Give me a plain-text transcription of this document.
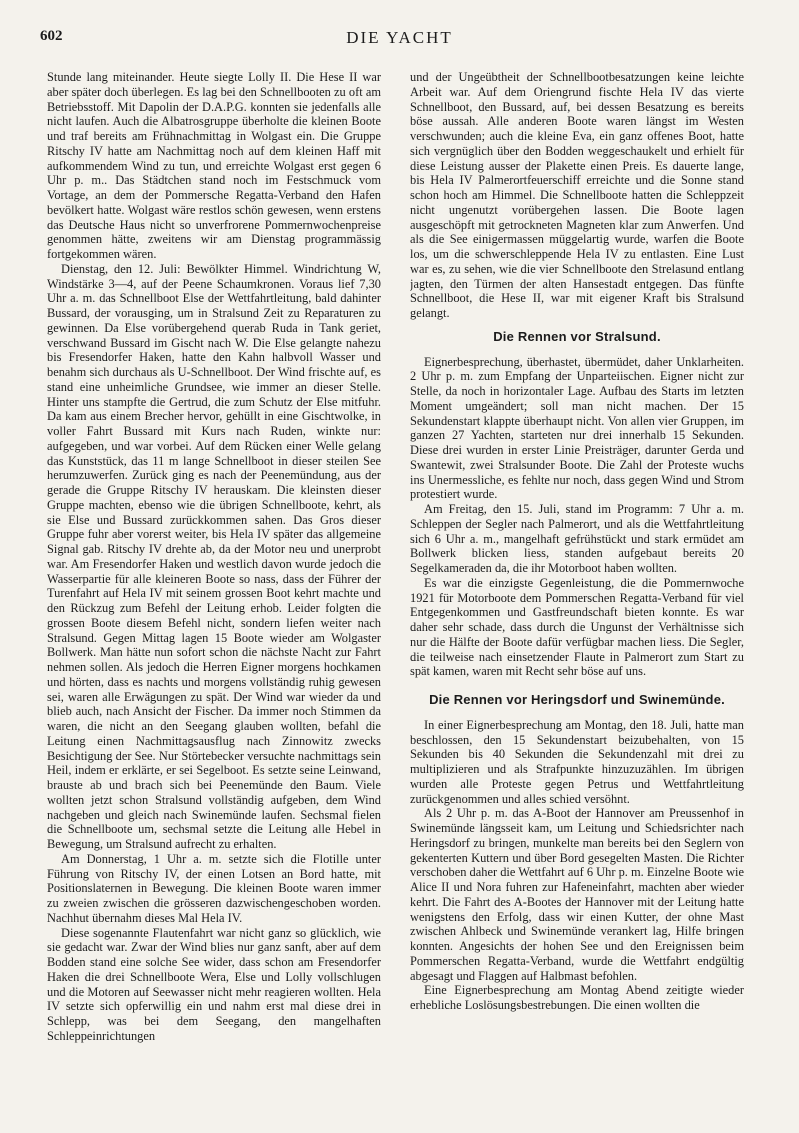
602	DIE YACHT

Stunde lang miteinander. Heute siegte Lolly II. Die Hese II war aber später doch überlegen. Es lag bei den Schnellbooten zu oft am Betriebsstoff. Mit Dapolin der D.A.P.G. konnten sie jedenfalls alle nicht laufen. Auch die Albatrosgruppe überholte die kleinen Boote und traf bereits am Frühnachmittag in Wolgast ein. Die Gruppe Ritschy IV hatte am Nachmittag noch auf dem kleinen Haff mit aufkommendem Wind zu tun, und erreichte Wolgast erst gegen 6 Uhr p. m.. Das Städtchen stand noch im Festschmuck vom Vortage, an dem der Pommersche Regatta-Verband den Hafen bevölkert hatte. Wolgast wäre restlos schön gewesen, wenn erstens das Deutsche Haus nicht so unverfrorene Pommernwochenpreise genommen hätte, zweitens wir am Dienstag programmässig fortgekommen wären.

Dienstag, den 12. Juli: Bewölkter Himmel. Windrichtung W, Windstärke 3—4, auf der Peene Schaumkronen. Voraus lief 7,30 Uhr a. m. das Schnellboot Else der Wettfahrtleitung, bald dahinter Bussard, der vorausging, um in Stralsund Zeit zu Reparaturen zu gewinnen. Da Else vorübergehend querab Ruda in Tank geriet, verschwand Bussard im Gischt nach W. Die Else gelangte nahezu bis Fresendorfer Haken, hatte den Kahn halbvoll Wasser und benahm sich durchaus als U-Schnellboot. Der Wind frischte auf, es stand eine unheimliche Grundsee, wie immer an dieser Stelle. Hinter uns stampfte die Gertrud, die zum Schutz der Else mitfuhr. Da kam aus einem Brecher hervor, gehüllt in eine Gischtwolke, in voller Fahrt Bussard mit Kurs nach Ruden, winkte nur: aufgegeben, und war vorbei. Auf dem Rücken einer Welle gelang das Kunststück, das 11 m lange Schnellboot in dieser steilen See herumzuwerfen. Zurück ging es nach der Peenemündung, aus der gerade die Gruppe Ritschy IV herauskam. Die kleinsten dieser Gruppe machten, ebenso wie die übrigen Schnellboote, kehrt, als sie Else und Bussard zurückkommen sahen. Das Gros dieser Gruppe fuhr aber vorerst weiter, bis Hela IV später das allgemeine Signal gab. Ritschy IV drehte ab, da der Motor neu und unerprobt war. Am Fresendorfer Haken und westlich davon wurde jedoch die Wasserpartie für alle kleineren Boote so nass, dass der Führer der Turenfahrt auf Hela IV mit seinem grossen Boot kehrt machte und den Rückzug zum Befehl der Leitung erhob. Leider folgten die grossen Boote diesem Befehl nicht, sondern liefen weiter nach Stralsund. Gegen Mittag lagen 15 Boote wieder am Wolgaster Bollwerk. Man hätte nun sofort schon die nächste Nacht zur Fahrt nehmen sollen. Als jedoch die Herren Eigner morgens hochkamen und hörten, dass es nachts und morgens vollständig ruhig gewesen sei, waren alle Erwägungen zu spät. Der Wind war wieder da und blieb auch, nach Ansicht der Fischer. Da immer noch Stimmen da waren, die nicht an den Seegang glauben wollten, befahl die Leitung einen Nachmittagsausflug nach Zinnowitz zwecks Besichtigung der See. Nur Störtebecker versuchte nachmittags sein Heil, indem er erklärte, er sei Segelboot. Es setzte seine Leinwand, brauste ab und brach sich bei Peenemünde den Baum. Viele wollten jetzt schon Stralsund vollständig aufgeben, dem Wind nachgeben und gleich nach Swinemünde laufen. Sechsmal fielen die Schnellboote um, sechsmal setzte die Leitung alle Hebel in Bewegung, um Stralsund aufrecht zu erhalten.

Am Donnerstag, 1 Uhr a. m. setzte sich die Flotille unter Führung von Ritschy IV, der einen Lotsen an Bord hatte, mit Positionslaternen in Bewegung. Die kleinen Boote waren immer zu zweien zwischen die grösseren dazwischengeschoben worden. Nachhut übernahm dieses Mal Hela IV.

Diese sogenannte Flautenfahrt war nicht ganz so glücklich, wie sie gedacht war. Zwar der Wind blies nur ganz sanft, aber auf dem Bodden stand eine solche See wider, dass schon am Fresendorfer Haken die drei Schnellboote Wera, Else und Lolly vollschlugen und die Motoren auf Seewasser nicht mehr reagieren wollten. Hela IV setzte sich opferwillig ein und nahm erst mal diese drei in Schlepp, was bei dem Seegang, den mangelhaften Schleppeinrichtungen

und der Ungeübtheit der Schnellbootbesatzungen keine leichte Arbeit war. Auf dem Oriengrund fischte Hela IV das vierte Schnellboot, den Bussard, auf, bei dessen Besatzung es bereits böse aussah. Alle anderen Boote waren längst im Westen verschwunden; auch die kleine Eva, ein ganz offenes Boot, hatte sich vergnüglich über den Bodden weggeschaukelt und erhielt für diese Leistung ausser der Plakette einen Preis. Es dauerte lange, bis Hela IV Palmerortfeuerschiff erreichte und die Sonne stand schon hoch am Himmel. Die Schnellboote hatten die Schleppzeit nicht ungenutzt vorübergehen lassen. Die Boote lagen ausgeschöpft mit getrockneten Magneten klar zum Anwerfen. Und als die See einigermassen müggelartig wurde, warfen die Boote los, um die schwerschleppende Hela IV zu entlasten. Eine Lust war es, zu sehen, wie die vier Schnellboote den Strelasund entlang jagten, den Türmen der alten Hansestadt entgegen. Das fünfte Schnellboot, die Hese II, war mit eigener Kraft bis Stralsund gelangt.

Die Rennen vor Stralsund.

Eignerbesprechung, überhastet, übermüdet, daher Unklarheiten. 2 Uhr p. m. zum Empfang der Unparteiischen. Eigner nicht zur Stelle, da noch in horizontaler Lage. Aufbau des Starts im letzten Moment umgeändert; soll man nicht machen. Der 15 Sekundenstart klappte überhaupt nicht. Von allen vier Gruppen, im ganzen 27 Yachten, starteten nur drei innerhalb 15 Sekunden. Diese drei wurden in erster Linie Preisträger, darunter Gerda und Swantewit, zwei Stralsunder Boote. Die Zahl der Proteste wuchs ins Unermessliche, es fehlte nur noch, dass gegen Wind und Strom protestiert wurde.

Am Freitag, den 15. Juli, stand im Programm: 7 Uhr a. m. Schleppen der Segler nach Palmerort, und als die Wettfahrtleitung sich 6 Uhr a. m., mangelhaft gefrühstückt und stark ermüdet am Bollwerk blicken liess, standen aufgebaut bereits 20 Segelkameraden da, die ihr Motorboot haben wollten.

Es war die einzigste Gegenleistung, die die Pommernwoche 1921 für Motorboote dem Pommerschen Regatta-Verband für viel Entgegenkommen und Gastfreundschaft bieten konnte. Es war daher sehr schade, dass durch die Ungunst der Verhältnisse sich nur die Hälfte der Boote dafür verfügbar machen liess. Die Segler, die teilweise nach einsetzender Flaute in Palmerort zum Start zu spät kamen, waren mit Recht sehr böse auf uns.

Die Rennen vor Heringsdorf und Swinemünde.

In einer Eignerbesprechung am Montag, den 18. Juli, hatte man beschlossen, den 15 Sekundenstart beizubehalten, von 15 Sekunden bis 40 Sekunden die Sekundenzahl mit drei zu multiplizieren und als Strafpunkte hinzuzuzählen. Im übrigen wurden alle Proteste gegen Petrus und Wettfahrtleitung zurückgenommen und alles schied versöhnt.

Als 2 Uhr p. m. das A-Boot der Hannover am Preussenhof in Swinemünde längsseit kam, um Leitung und Schiedsrichter nach Heringsdorf zu bringen, munkelte man bereits bei den Seglern von gekenterten Kuttern und über Bord gesegelten Masten. Die Richter verschoben daher die Wettfahrt auf 6 Uhr p. m. Einzelne Boote wie Alice II und Nora fuhren zur Hafeneinfahrt, machten aber wieder kehrt. Die Fahrt des A-Bootes der Hannover mit der Leitung hatte wenigstens den Erfolg, dass wir einen Kutter, der ohne Mast zwischen Ahlbeck und Swinemünde verankert lag, Hilfe bringen konnten. Angesichts der hohen See und den Ereignissen beim Pommerschen Regatta-Verband, wurde die Wettfahrt endgültig abgesagt und Flaggen auf Halbmast befohlen.

Eine Eignerbesprechung am Montag Abend zeitigte wieder erhebliche Loslösungsbestrebungen. Die einen wollten die
